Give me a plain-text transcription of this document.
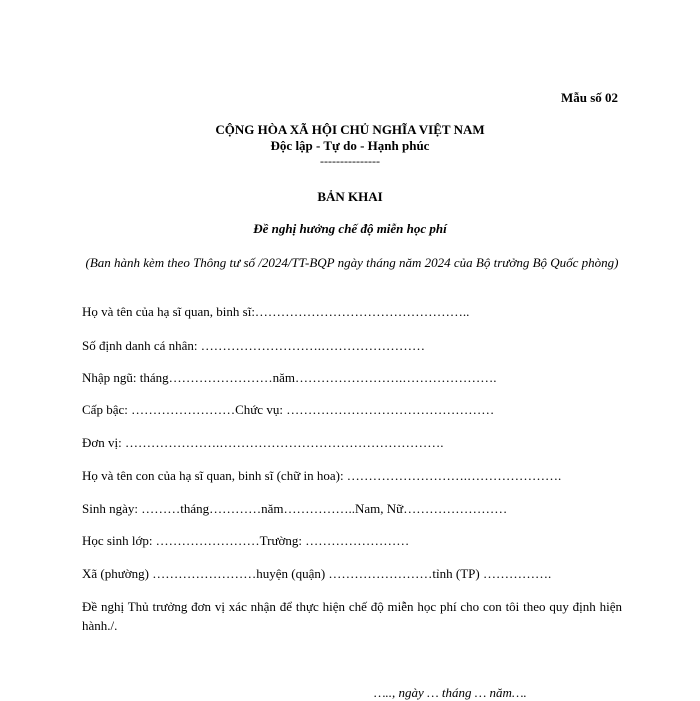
Mẫu số 02
CỘNG HÒA XÃ HỘI CHỦ NGHĨA VIỆT NAM
Độc lập - Tự do - Hạnh phúc
---------------
BẢN KHAI
Đề nghị hưởng chế độ miễn học phí
(Ban hành kèm theo Thông tư số /2024/TT-BQP ngày tháng năm 2024 của Bộ trưởng Bộ Quốc phòng)
Họ và tên của hạ sĩ quan, binh sĩ:…………………………………………..
Số định danh cá nhân: ……………………….……………………
Nhập ngũ: tháng……………………năm…………………….………………….
Cấp bậc: ……………………Chức vụ: …………………………………………
Đơn vị: ………………….…………………………………………….
Họ và tên con của hạ sĩ quan, binh sĩ (chữ in hoa): ……………………….………………….
Sinh ngày: ………tháng…………năm……………..Nam, Nữ……………………
Học sinh lớp: ……………………Trường: ……………………
Xã (phường) ……………………huyện (quận) ……………………tỉnh (TP) …………….
Đề nghị Thủ trưởng đơn vị xác nhận để thực hiện chế độ miễn học phí cho con tôi theo quy định hiện hành./.
….., ngày … tháng … năm….
